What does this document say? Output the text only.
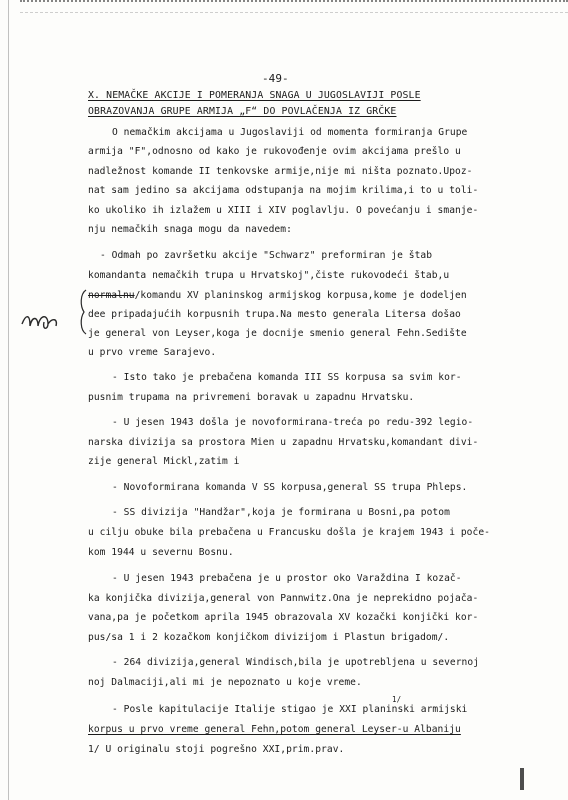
-49-
X. NEMAČKE AKCIJE I POMERANJA SNAGA U JUGOSLAVIJI POSLE
OBRAZOVANJA GRUPE ARMIJA „F“ DO POVLAČENJA IZ GRČKE
O nemačkim akcijama u Jugoslaviji od momenta formiranja Grupe
armija "F",odnosno od kako je rukovođenje ovim akcijama prešlo u
nadležnost komande II tenkovske armije,nije mi ništa poznato.Upoz-
nat sam jedino sa akcijama odstupanja na mojim krilima,i to u toli-
ko ukoliko ih izlažem u XIII i XIV poglavlju. O povećanju i smanje-
nju nemačkih snaga mogu da navedem:
- Odmah po završetku akcije "Schwarz" preformiran je štab
komandanta nemačkih trupa u Hrvatskoj",čiste rukovodeći štab,u
normalnu/komandu XV planinskog armijskog korpusa,kome je dodeljen
dee pripadajućih korpusnih trupa.Na mesto generala Litersa došao
je general von Leyser,koga je docnije smenio general Fehn.Sedište
u prvo vreme Sarajevo.
- Isto tako je prebačena komanda III SS korpusa sa svim kor-
pusnim trupama na privremeni boravak u zapadnu Hrvatsku.
- U jesen 1943 došla je novoformirana-treća po redu-392 legio-
narska divizija sa prostora Mien u zapadnu Hrvatsku,komandant divi-
zije general Mickl,zatim i
- Novoformirana komanda V SS korpusa,general SS trupa Phleps.
- SS divizija "Handžar",koja je formirana u Bosni,pa potom
u cilju obuke bila prebačena u Francusku došla je krajem 1943 i poče-
kom 1944 u severnu Bosnu.
- U jesen 1943 prebačena je u prostor oko Varaždina I kozač-
ka konjička divizija,general von Pannwitz.Ona je neprekidno pojača-
vana,pa je početkom aprila 1945 obrazovala XV kozački konjički kor-
pus/sa 1 i 2 kozačkom konjičkom divizijom i Plastun brigadom/.
- 264 divizija,general Windisch,bila je upotrebljena u severnoj
noj Dalmaciji,ali mi je nepoznato u koje vreme.
- Posle kapitulacije Italije stigao je XXI planinski armijski
1/
korpus u prvo vreme general Fehn,potom general Leyser-u Albaniju
1/ U originalu stoji pogrešno XXI,prim.prav.
